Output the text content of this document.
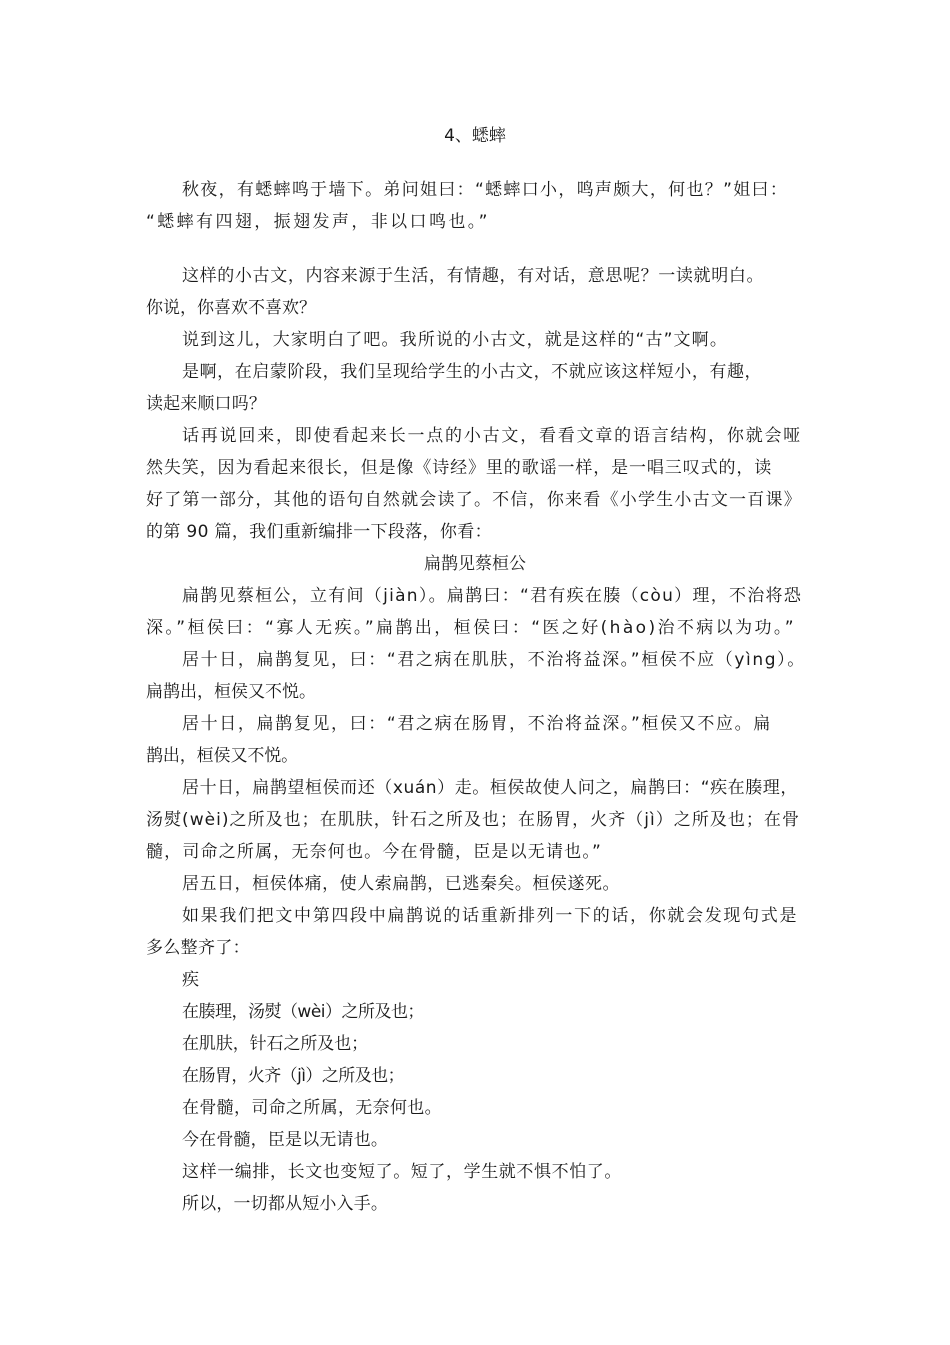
4、蟋蟀
秋夜，有蟋蟀鸣于墙下。弟问姐曰：“蟋蟀口小，鸣声颇大，何也？”姐曰：
“蟋蟀有四翅，振翅发声，非以口鸣也。”
这样的小古文，内容来源于生活，有情趣，有对话，意思呢？一读就明白。
你说，你喜欢不喜欢？
说到这儿，大家明白了吧。我所说的小古文，就是这样的“古”文啊。
是啊，在启蒙阶段，我们呈现给学生的小古文，不就应该这样短小，有趣，
读起来顺口吗？
话再说回来，即使看起来长一点的小古文，看看文章的语言结构，你就会哑
然失笑，因为看起来很长，但是像《诗经》里的歌谣一样，是一唱三叹式的，读
好了第一部分，其他的语句自然就会读了。不信，你来看《小学生小古文一百课》
的第 90 篇，我们重新编排一下段落，你看：
扁鹊见蔡桓公
扁鹊见蔡桓公，立有间（jiàn）。扁鹊曰：“君有疾在腠（còu）理，不治将恐
深。”桓侯曰：“寡人无疾。”扁鹊出，桓侯曰：“医之好(hào)治不病以为功。”
居十日，扁鹊复见，曰：“君之病在肌肤，不治将益深。”桓侯不应（yìng）。
扁鹊出，桓侯又不悦。
居十日，扁鹊复见，曰：“君之病在肠胃，不治将益深。”桓侯又不应。扁
鹊出，桓侯又不悦。
居十日，扁鹊望桓侯而还（xuán）走。桓侯故使人问之，扁鹊曰：“疾在腠理，
汤熨(wèi)之所及也；在肌肤，针石之所及也；在肠胃，火齐（jì）之所及也；在骨
髓，司命之所属，无奈何也。今在骨髓，臣是以无请也。”
居五日，桓侯体痛，使人索扁鹊，已逃秦矣。桓侯遂死。
如果我们把文中第四段中扁鹊说的话重新排列一下的话，你就会发现句式是
多么整齐了：
疾
在腠理，汤熨（wèi）之所及也；
在肌肤，针石之所及也；
在肠胃，火齐（jì）之所及也；
在骨髓，司命之所属，无奈何也。
今在骨髓，臣是以无请也。
这样一编排，长文也变短了。短了，学生就不惧不怕了。
所以，一切都从短小入手。
